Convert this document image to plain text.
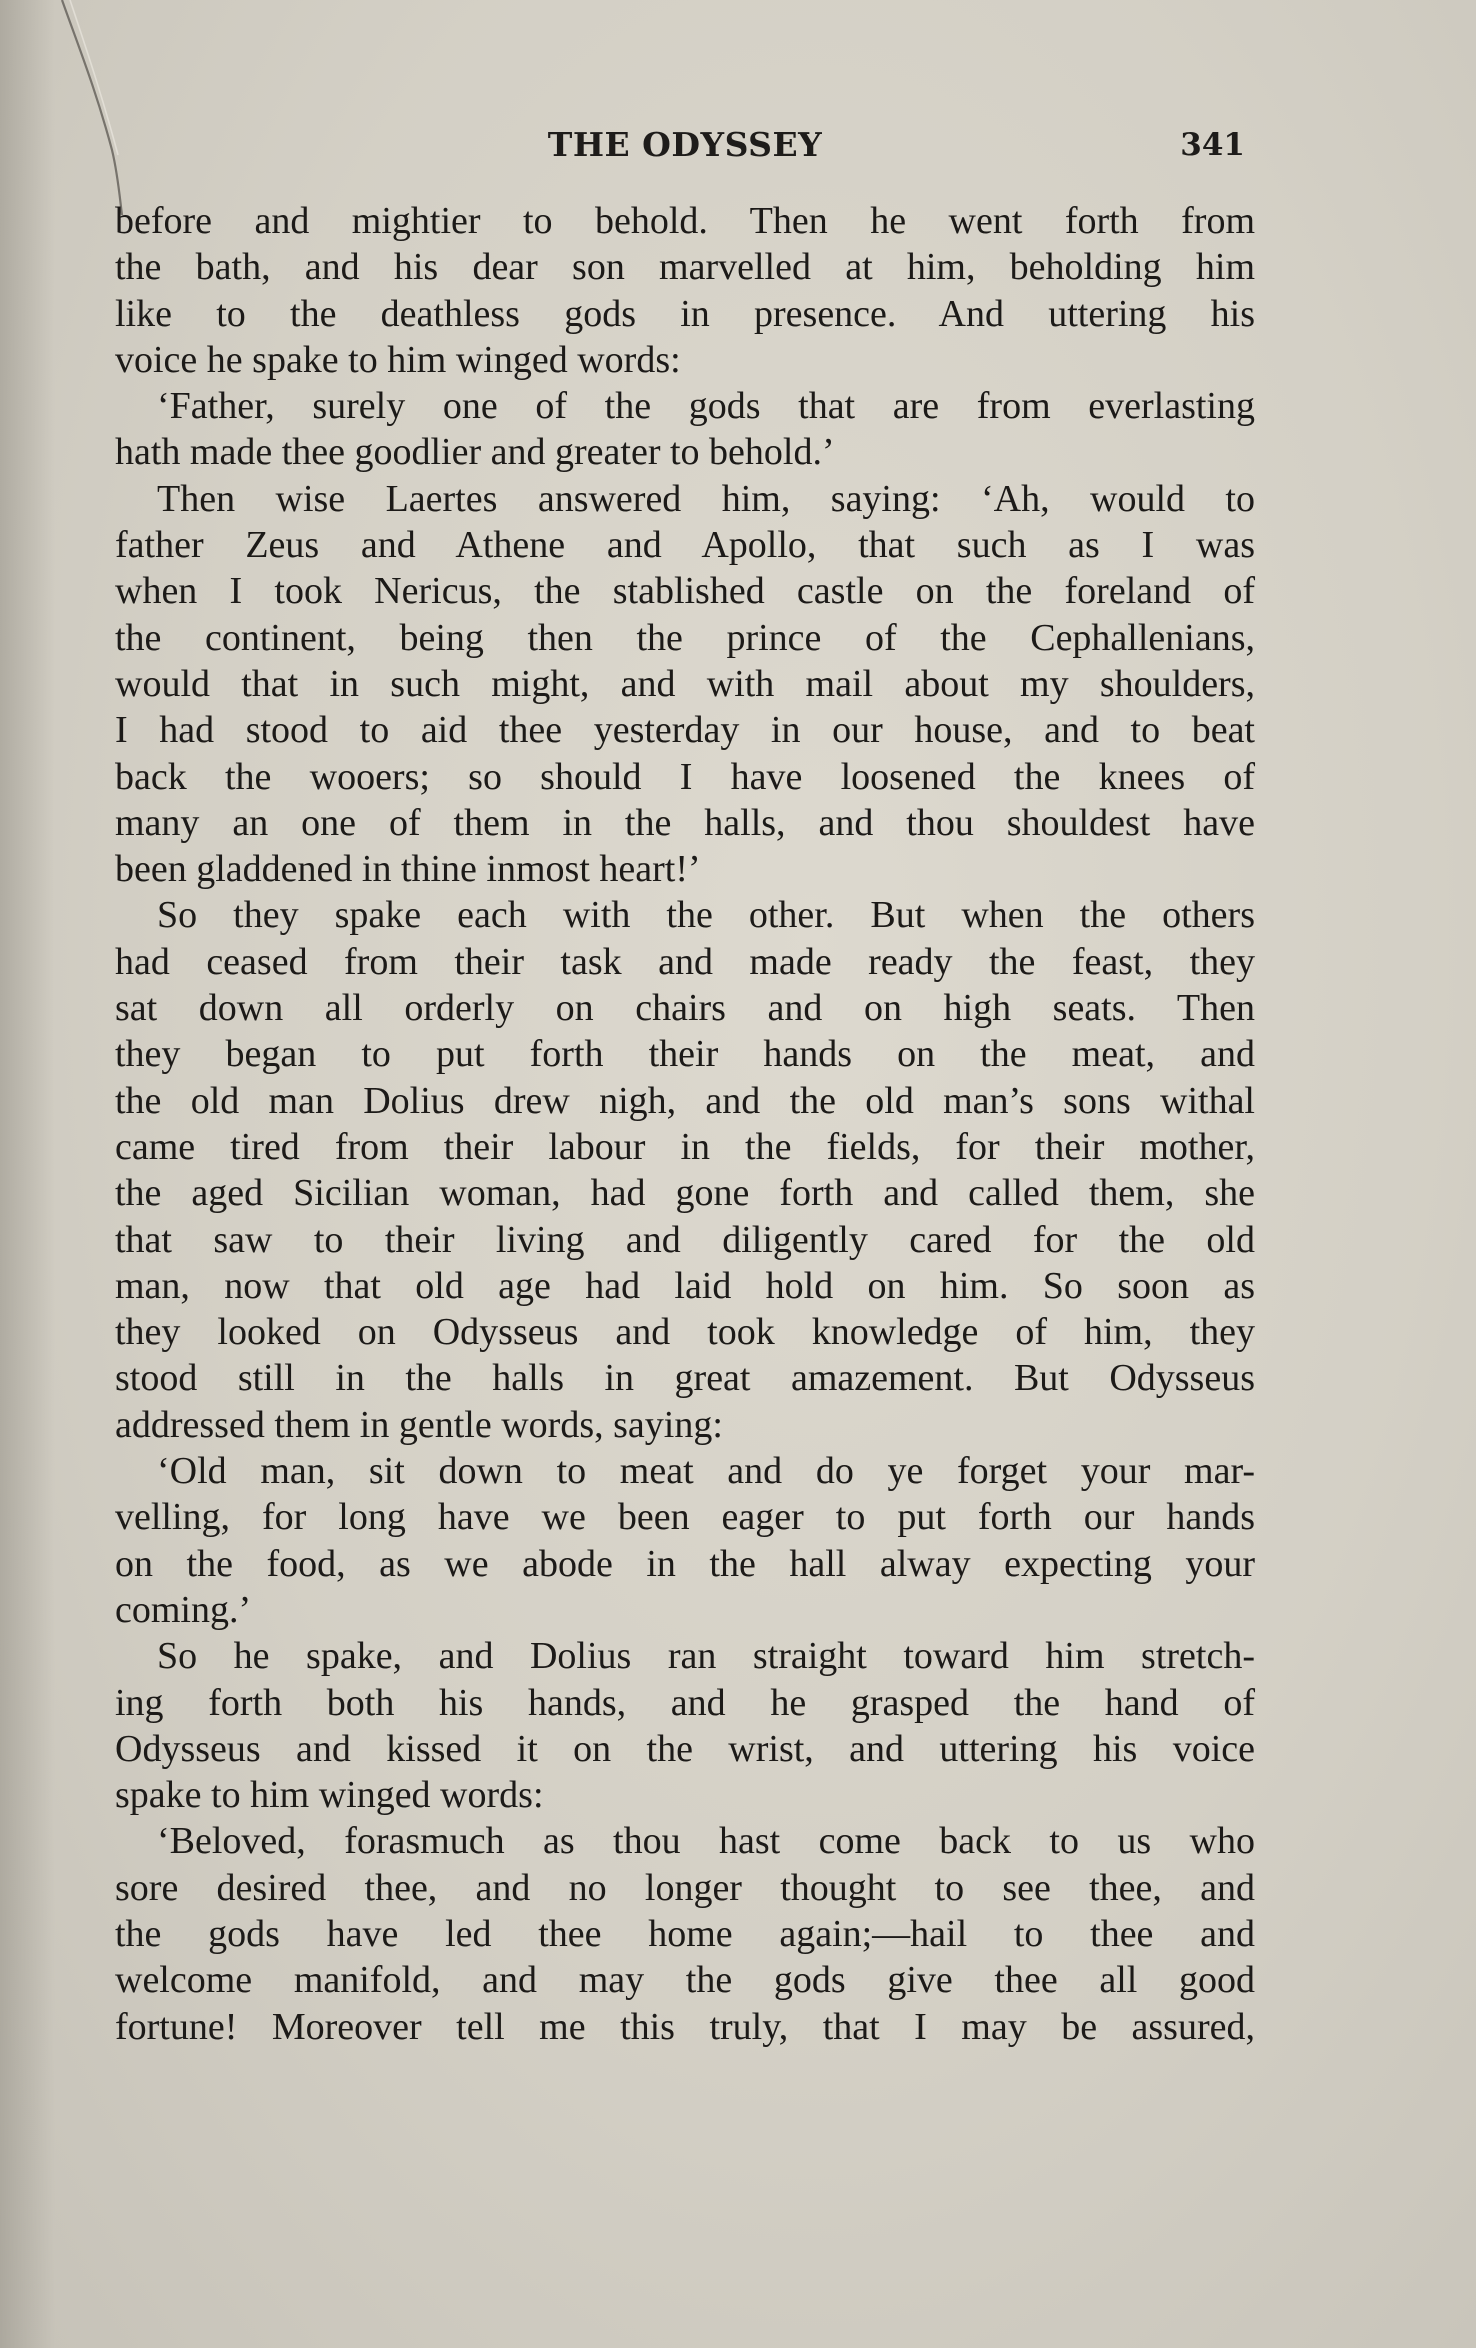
THE ODYSSEY	341

before and mightier to behold. Then he went forth from
the bath, and his dear son marvelled at him, beholding him
like to the deathless gods in presence. And uttering his
voice he spake to him winged words:

‘Father, surely one of the gods that are from everlasting
hath made thee goodlier and greater to behold.’

Then wise Laertes answered him, saying: ‘Ah, would to
father Zeus and Athene and Apollo, that such as I was
when I took Nericus, the stablished castle on the foreland of
the continent, being then the prince of the Cephallenians,
would that in such might, and with mail about my shoulders,
I had stood to aid thee yesterday in our house, and to beat
back the wooers; so should I have loosened the knees of
many an one of them in the halls, and thou shouldest have
been gladdened in thine inmost heart!’

So they spake each with the other. But when the others
had ceased from their task and made ready the feast, they
sat down all orderly on chairs and on high seats. Then
they began to put forth their hands on the meat, and
the old man Dolius drew nigh, and the old man’s sons withal
came tired from their labour in the fields, for their mother,
the aged Sicilian woman, had gone forth and called them, she
that saw to their living and diligently cared for the old
man, now that old age had laid hold on him. So soon as
they looked on Odysseus and took knowledge of him, they
stood still in the halls in great amazement. But Odysseus
addressed them in gentle words, saying:

‘Old man, sit down to meat and do ye forget your mar-
velling, for long have we been eager to put forth our hands
on the food, as we abode in the hall alway expecting your
coming.’

So he spake, and Dolius ran straight toward him stretch-
ing forth both his hands, and he grasped the hand of
Odysseus and kissed it on the wrist, and uttering his voice
spake to him winged words:

‘Beloved, forasmuch as thou hast come back to us who
sore desired thee, and no longer thought to see thee, and
the gods have led thee home again;—hail to thee and
welcome manifold, and may the gods give thee all good
fortune! Moreover tell me this truly, that I may be assured,
